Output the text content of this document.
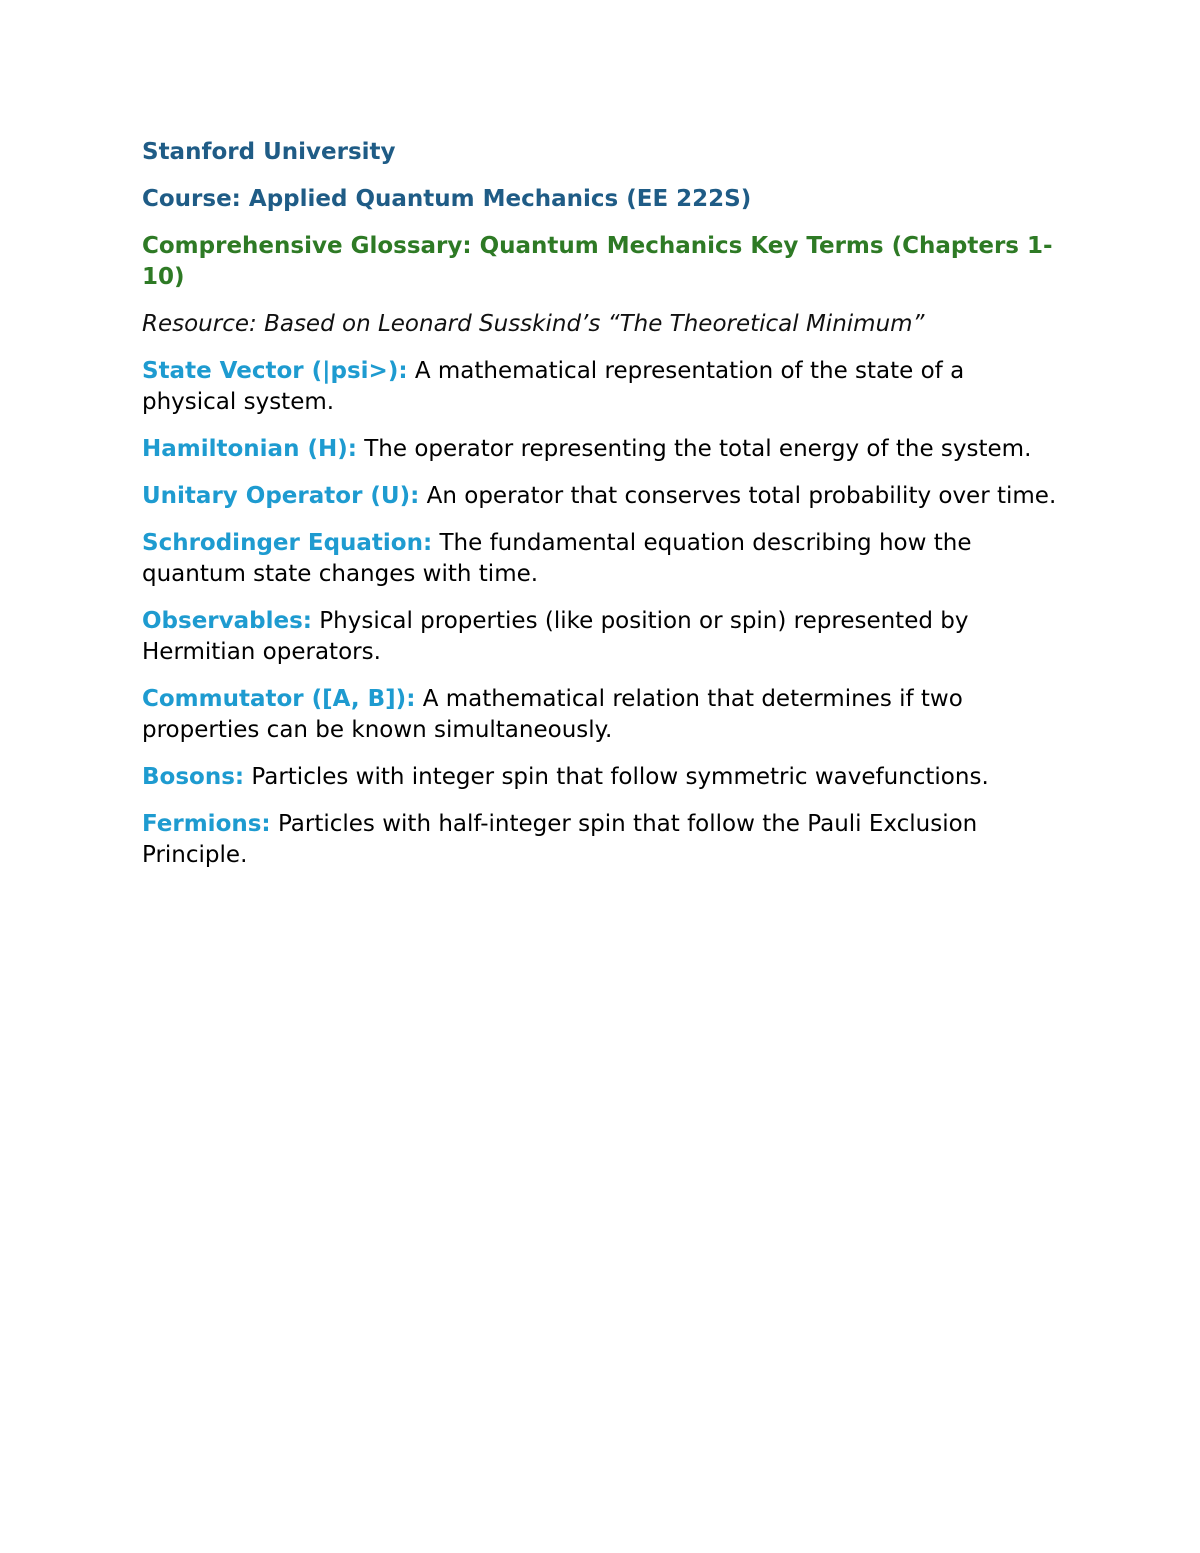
Stanford University

Course: Applied Quantum Mechanics (EE 222S)

Comprehensive Glossary: Quantum Mechanics Key Terms (Chapters 1-10)

Resource: Based on Leonard Susskind’s “The Theoretical Minimum”

State Vector (|psi>): A mathematical representation of the state of a physical system.

Hamiltonian (H): The operator representing the total energy of the system.

Unitary Operator (U): An operator that conserves total probability over time.

Schrodinger Equation: The fundamental equation describing how the quantum state changes with time.

Observables: Physical properties (like position or spin) represented by Hermitian operators.

Commutator ([A, B]): A mathematical relation that determines if two properties can be known simultaneously.

Bosons: Particles with integer spin that follow symmetric wavefunctions.

Fermions: Particles with half-integer spin that follow the Pauli Exclusion Principle.
